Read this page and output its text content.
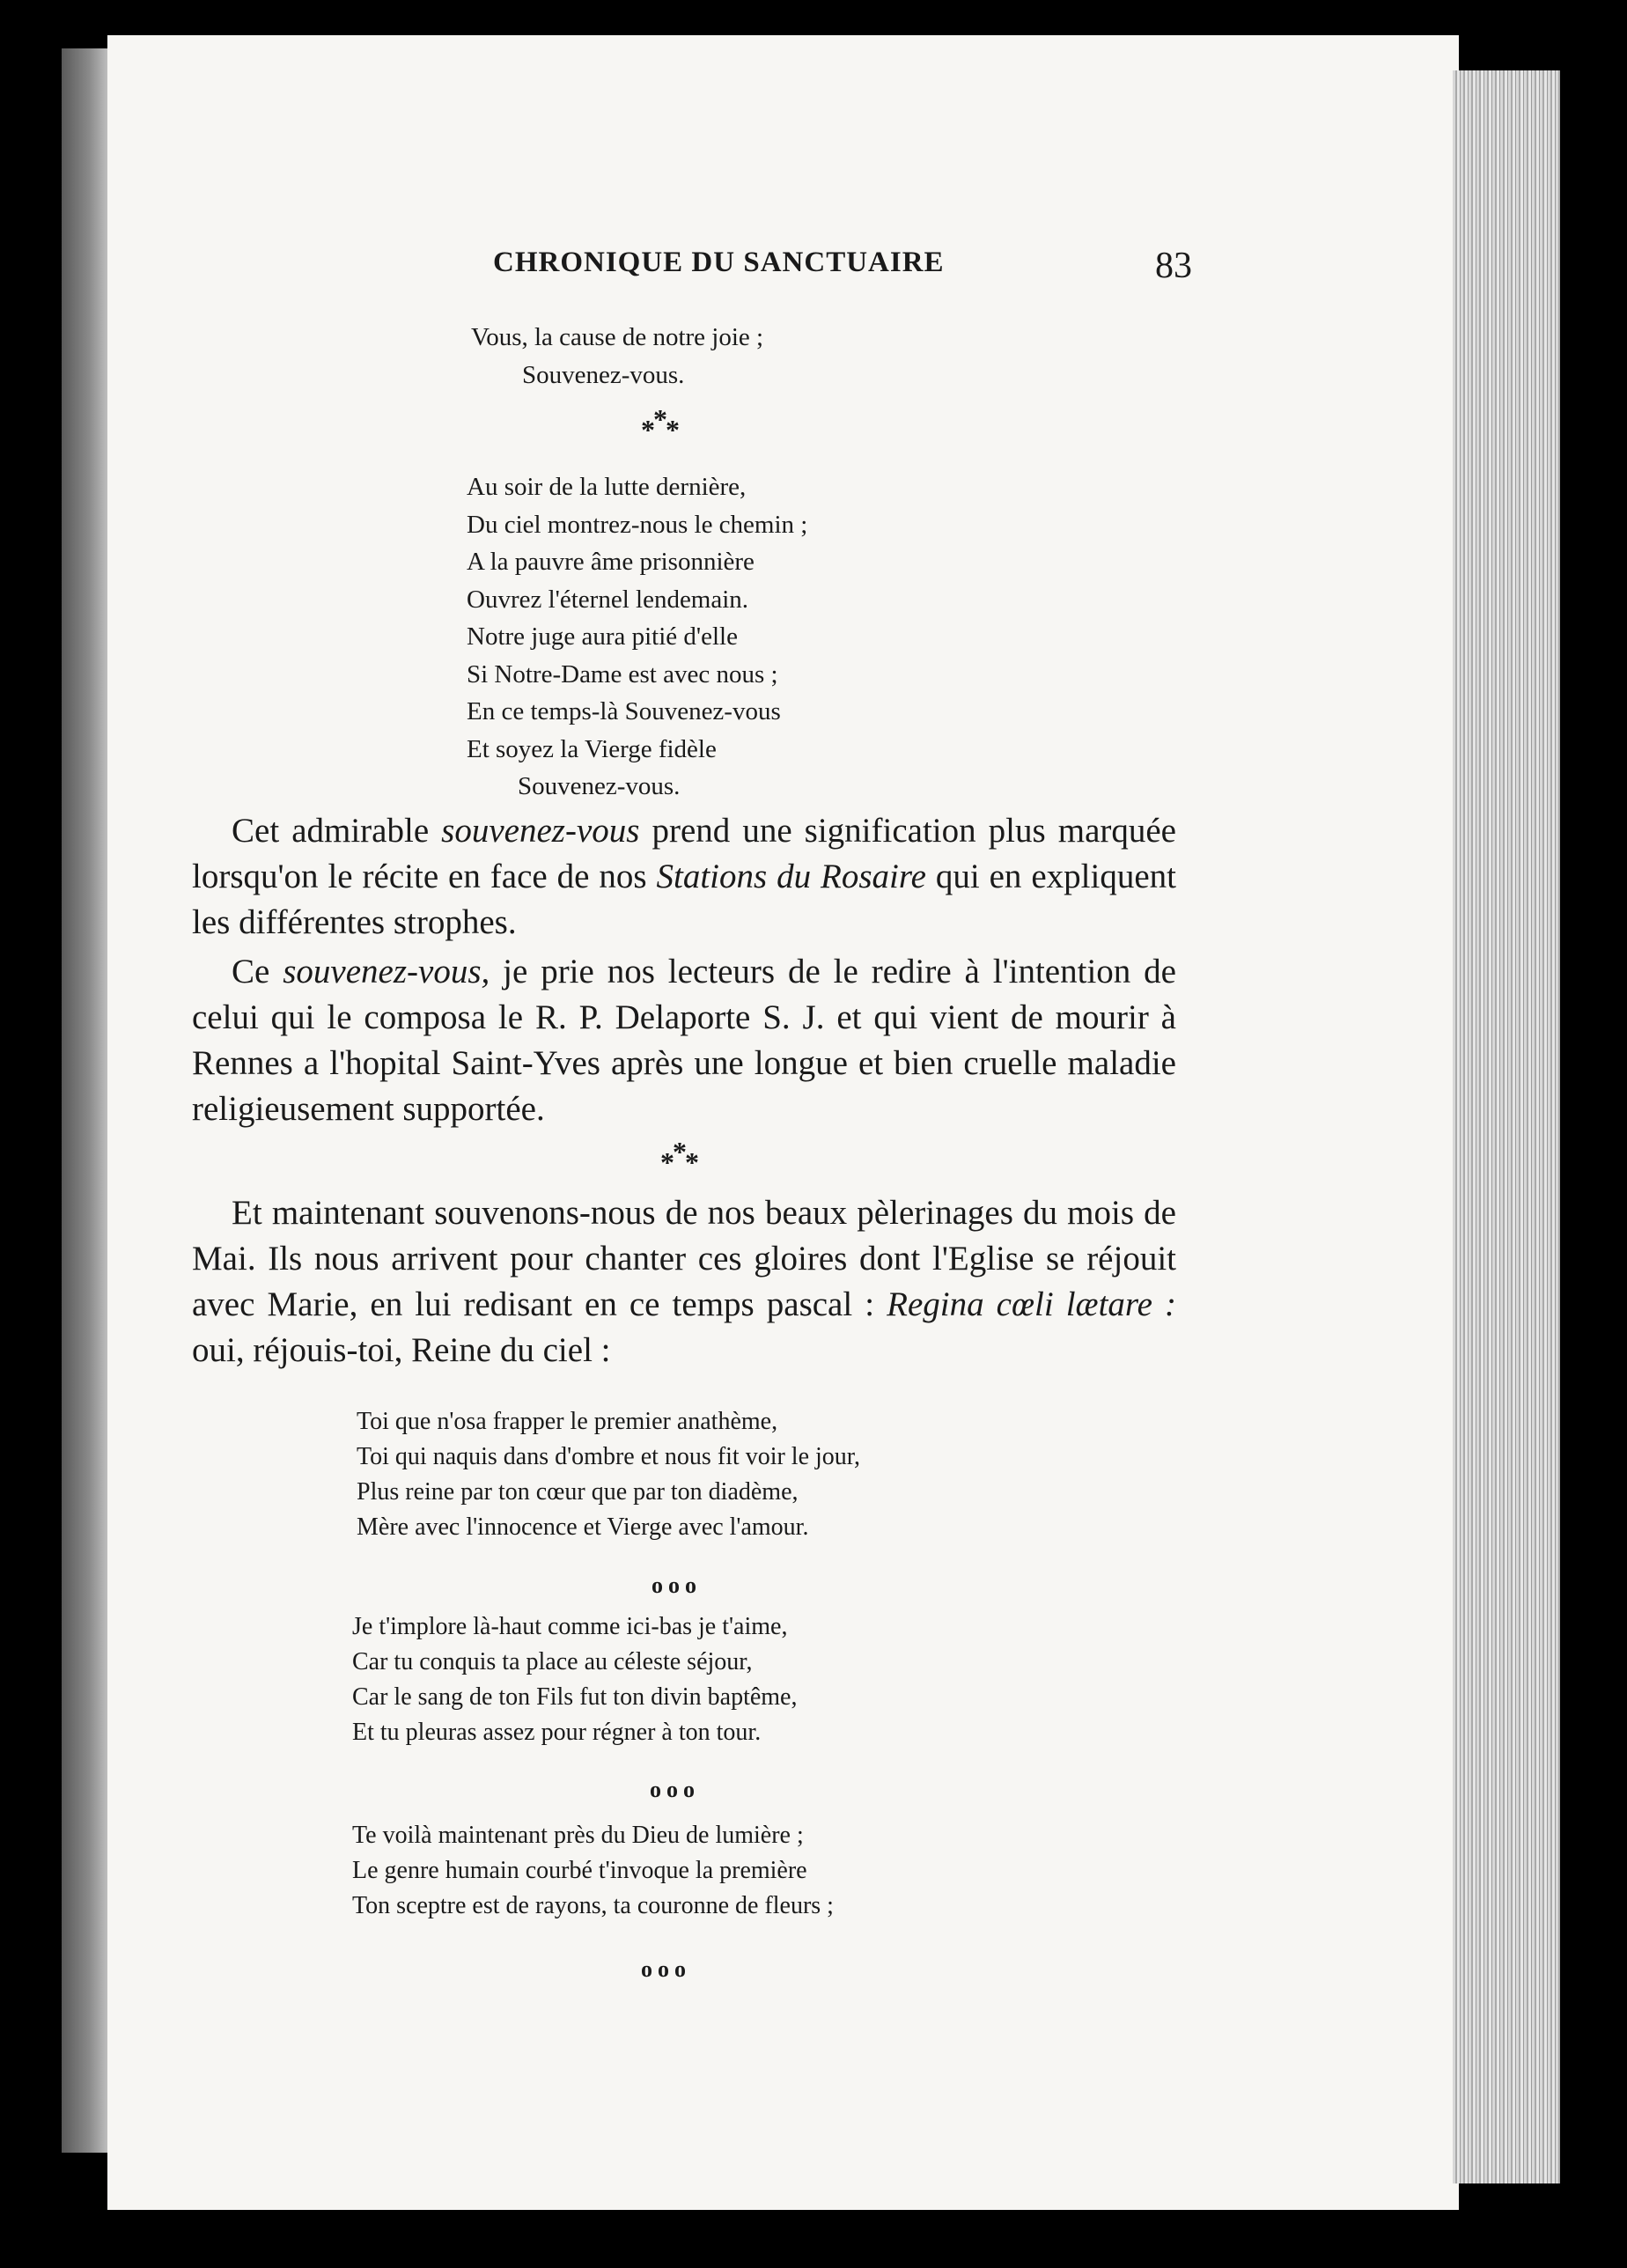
CHRONIQUE DU SANCTUAIRE	83
Vous, la cause de notre joie ;
Souvenez-vous.
***
Au soir de la lutte dernière,
Du ciel montrez-nous le chemin ;
A la pauvre âme prisonnière
Ouvrez l'éternel lendemain.
Notre juge aura pitié d'elle
Si Notre-Dame est avec nous ;
En ce temps-là Souvenez-vous
Et soyez la Vierge fidèle
Souvenez-vous.

Cet admirable souvenez-vous prend une signification plus marquée lorsqu'on le récite en face de nos Stations du Rosaire qui en expliquent les différentes strophes.

Ce souvenez-vous, je prie nos lecteurs de le redire à l'intention de celui qui le composa le R. P. Delaporte S. J. et qui vient de mourir à Rennes a l'hopital Saint-Yves après une longue et bien cruelle maladie religieusement supportée.

***

Et maintenant souvenons-nous de nos beaux pèlerinages du mois de Mai. Ils nous arrivent pour chanter ces gloires dont l'Eglise se réjouit avec Marie, en lui redisant en ce temps pascal : Regina cœli lætare : oui, réjouis-toi, Reine du ciel :

Toi que n'osa frapper le premier anathème,
Toi qui naquis dans d'ombre et nous fit voir le jour,
Plus reine par ton cœur que par ton diadème,
Mère avec l'innocence et Vierge avec l'amour.
ooo
Je t'implore là-haut comme ici-bas je t'aime,
Car tu conquis ta place au céleste séjour,
Car le sang de ton Fils fut ton divin baptême,
Et tu pleuras assez pour régner à ton tour.
ooo
Te voilà maintenant près du Dieu de lumière ;
Le genre humain courbé t'invoque la première
Ton sceptre est de rayons, ta couronne de fleurs ;
ooo
